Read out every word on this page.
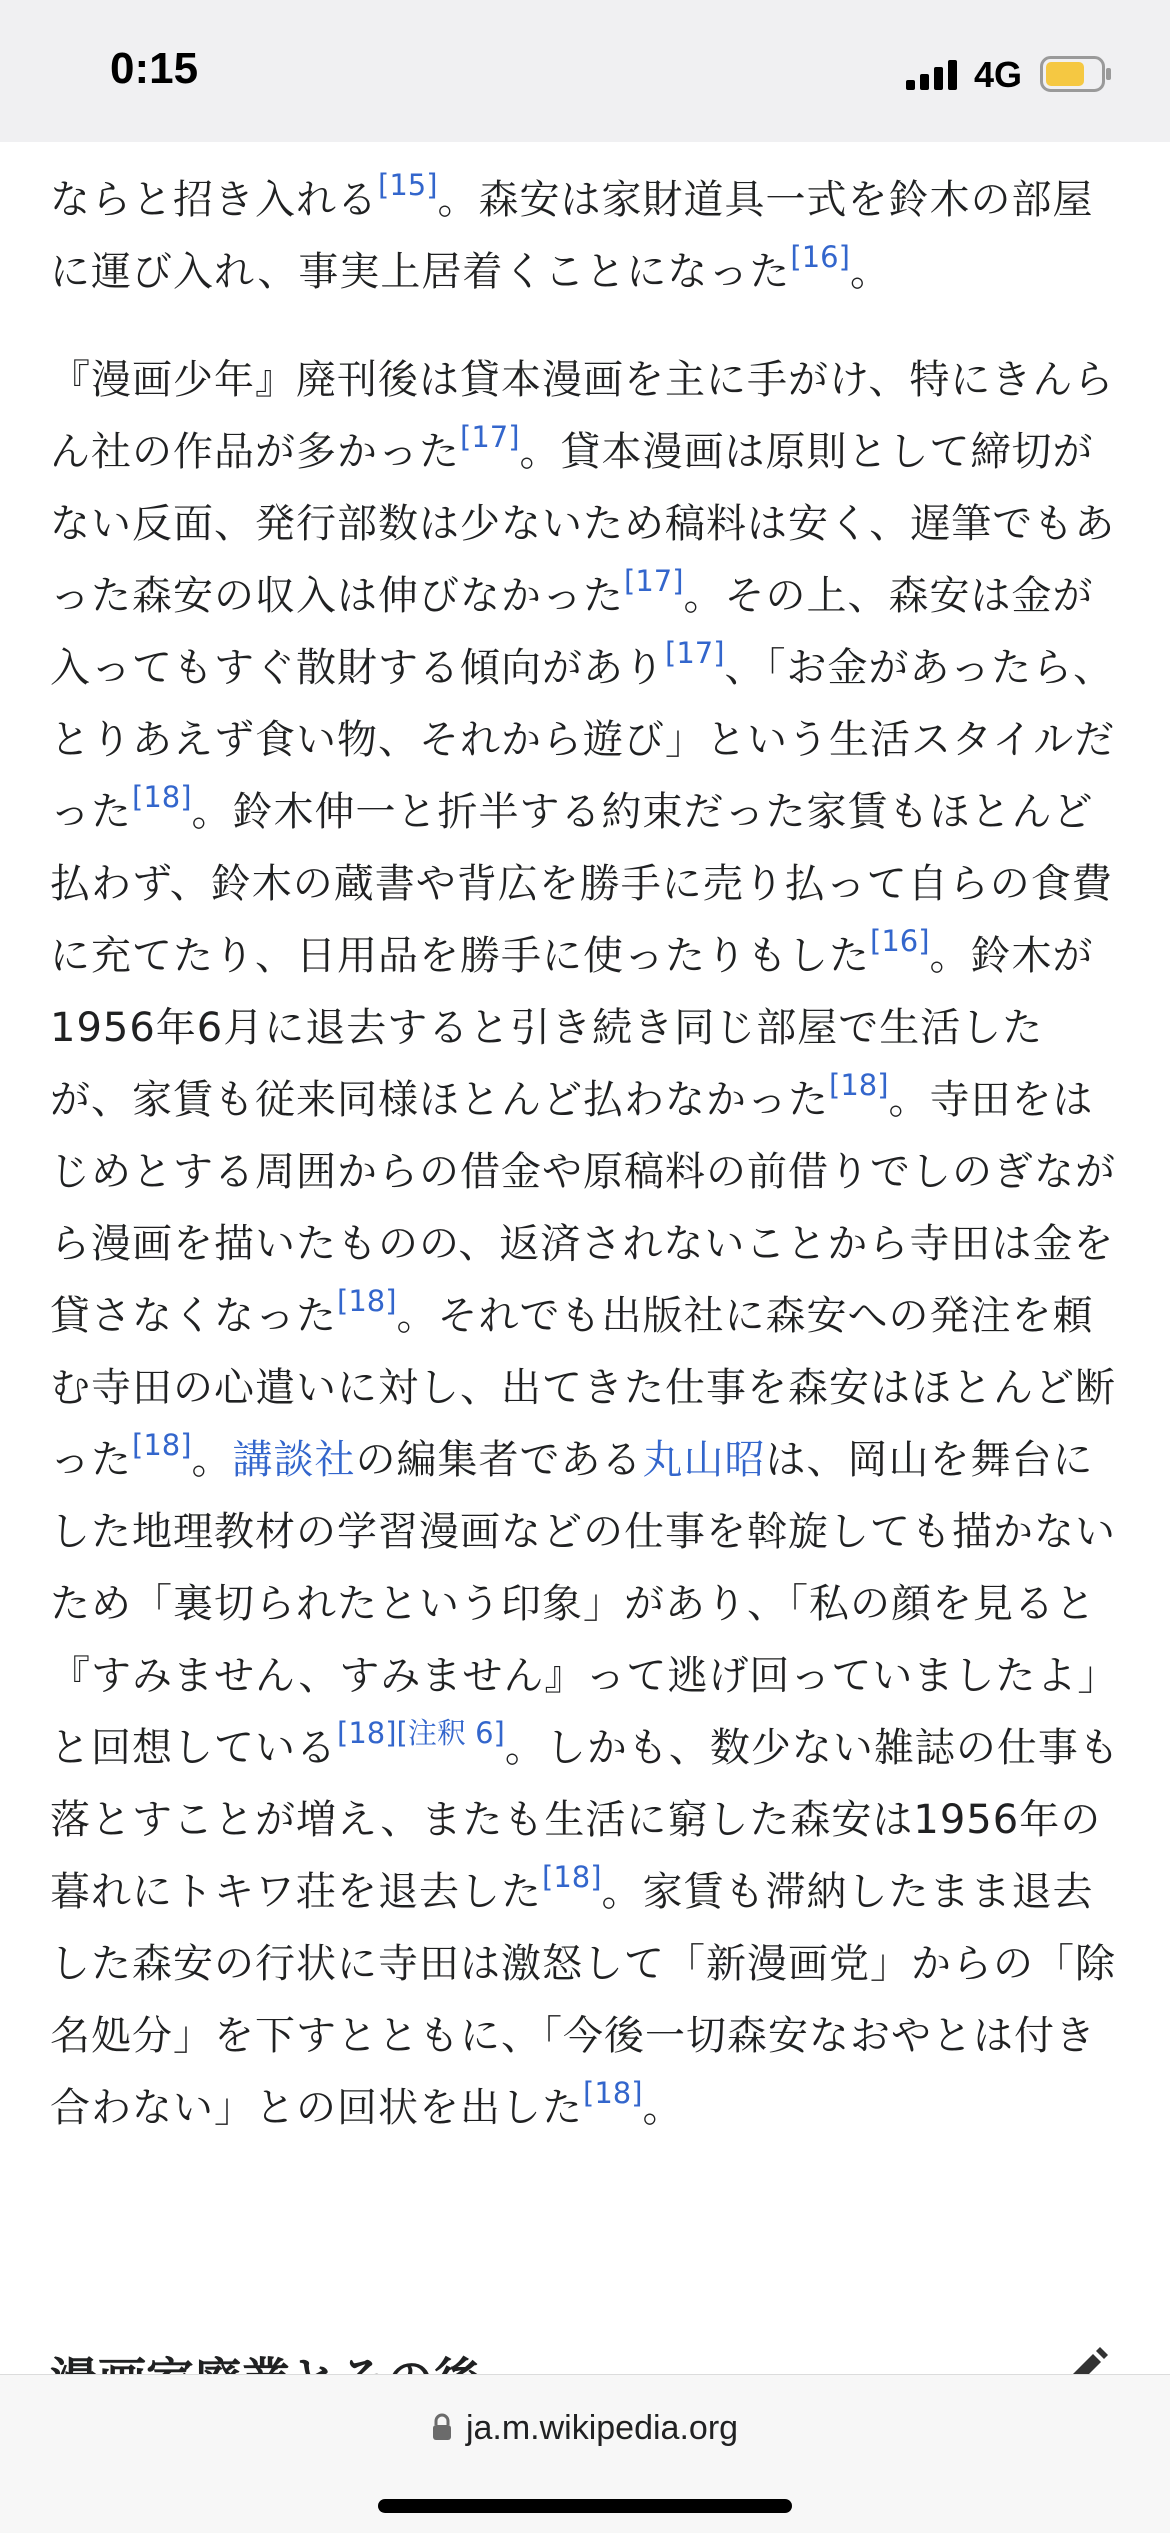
0:15	4G

ならと招き入れる[15]。森安は家財道具一式を鈴木の部屋に運び入れ、事実上居着くことになった[16]。

『漫画少年』廃刊後は貸本漫画を主に手がけ、特にきんらん社の作品が多かった[17]。貸本漫画は原則として締切がない反面、発行部数は少ないため稿料は安く、遅筆でもあった森安の収入は伸びなかった[17]。その上、森安は金が入ってもすぐ散財する傾向があり[17]、「お金があったら、とりあえず食い物、それから遊び」という生活スタイルだった[18]。鈴木伸一と折半する約束だった家賃もほとんど払わず、鈴木の蔵書や背広を勝手に売り払って自らの食費に充てたり、日用品を勝手に使ったりもした[16]。鈴木が1956年6月に退去すると引き続き同じ部屋で生活したが、家賃も従来同様ほとんど払わなかった[18]。寺田をはじめとする周囲からの借金や原稿料の前借りでしのぎながら漫画を描いたものの、返済されないことから寺田は金を貸さなくなった[18]。それでも出版社に森安への発注を頼む寺田の心遣いに対し、出てきた仕事を森安はほとんど断った[18]。講談社の編集者である丸山昭は、岡山を舞台にした地理教材の学習漫画などの仕事を斡旋しても描かないため「裏切られたという印象」があり、「私の顔を見ると『すみません、すみません』って逃げ回っていましたよ」と回想している[18][注釈 6]。しかも、数少ない雑誌の仕事も落とすことが増え、またも生活に窮した森安は1956年の暮れにトキワ荘を退去した[18]。家賃も滞納したまま退去した森安の行状に寺田は激怒して「新漫画党」からの「除名処分」を下すとともに、「今後一切森安なおやとは付き合わない」との回状を出した[18]。

ja.m.wikipedia.org
